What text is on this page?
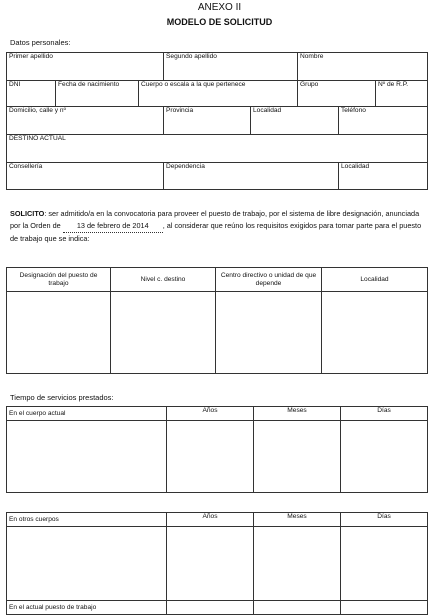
ANEXO II
MODELO DE SOLICITUD
Datos personales:
Primer apellido			Segundo apellido	Nombre	
DNI	Fecha de nacimiento	Cuerpo o escala a la que pertenece		Grupo	Nº de R.P.
Domicilio, calle y nº	Provincia	Localidad	Teléfono
DESTINO ACTUAL
Consellería	Dependencia	Localidad
SOLICITO: ser admitido/a en la convocatoria para proveer el puesto de trabajo, por el sistema de libre designación, anunciada por la Orden de 13 de febrero de 2014 , al considerar que reúno los requisitos exigidos para tomar parte para el puesto de trabajo que se indica:
Designación del puesto de trabajo	Nivel c. destino	Centro directivo o unidad de que depende	Localidad

Tiempo de servicios prestados:
En el cuerpo actual	Años	Meses	Días

En otros cuerpos	Años	Meses	Días

En el actual puesto de trabajo			
